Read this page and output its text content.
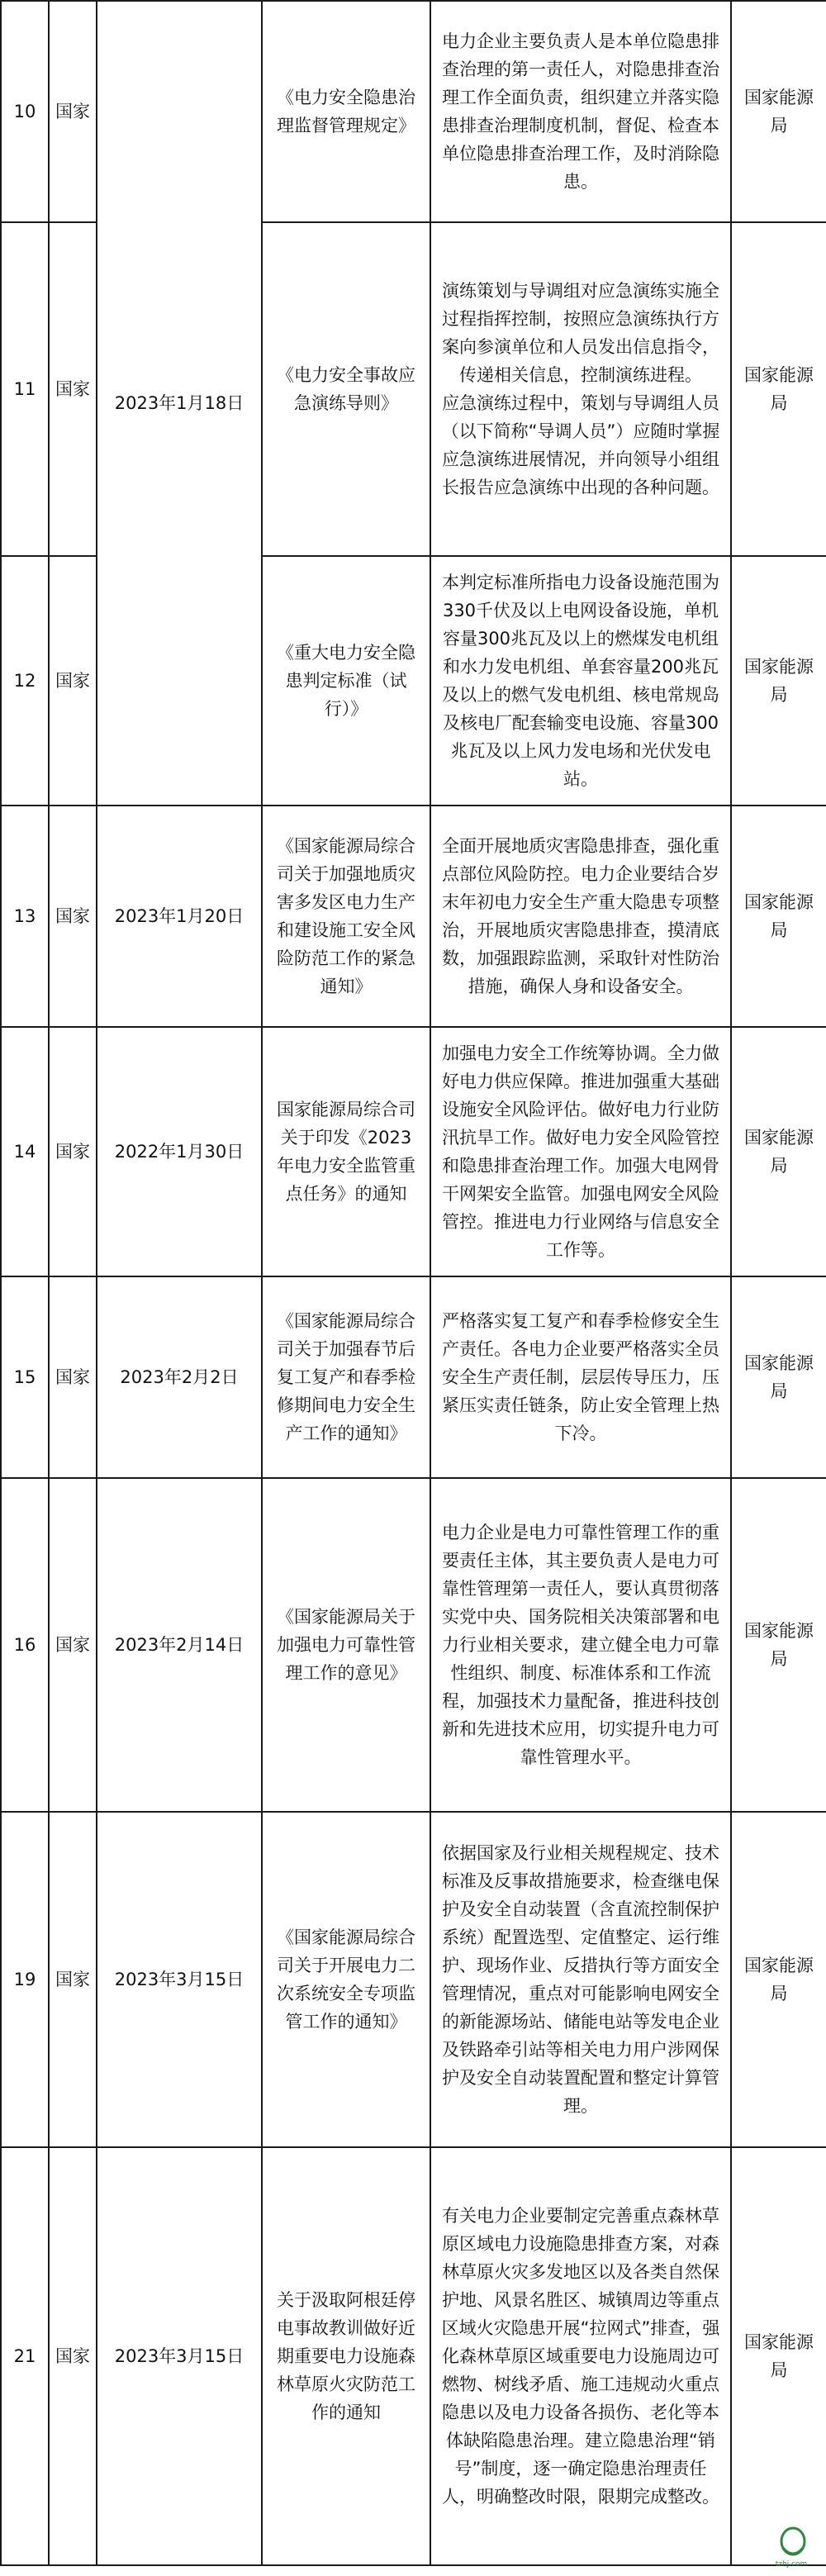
10	国家	2023年1月18日	《电力安全隐患治理监督管理规定》	电力企业主要负责人是本单位隐患排查治理的第一责任人，对隐患排查治理工作全面负责，组织建立并落实隐患排查治理制度机制，督促、检查本单位隐患排查治理工作，及时消除隐患。	国家能源局
11	国家		《电力安全事故应急演练导则》	演练策划与导调组对应急演练实施全过程指挥控制，按照应急演练执行方案向参演单位和人员发出信息指令，传递相关信息，控制演练进程。
应急演练过程中，策划与导调组人员（以下简称“导调人员”）应随时掌握应急演练进展情况，并向领导小组组长报告应急演练中出现的各种问题。	国家能源局
12	国家		《重大电力安全隐患判定标准（试行）》	本判定标准所指电力设备设施范围为330千伏及以上电网设备设施，单机容量300兆瓦及以上的燃煤发电机组和水力发电机组、单套容量200兆瓦及以上的燃气发电机组、核电常规岛及核电厂配套输变电设施、容量300兆瓦及以上风力发电场和光伏发电站。	国家能源局
13	国家	2023年1月20日	《国家能源局综合司关于加强地质灾害多发区电力生产和建设施工安全风险防范工作的紧急通知》	全面开展地质灾害隐患排查，强化重点部位风险防控。电力企业要结合岁末年初电力安全生产重大隐患专项整治，开展地质灾害隐患排查，摸清底数，加强跟踪监测，采取针对性防治措施，确保人身和设备安全。	国家能源局
14	国家	2022年1月30日	国家能源局综合司关于印发《2023年电力安全监管重点任务》的通知	加强电力安全工作统筹协调。全力做好电力供应保障。推进加强重大基础设施安全风险评估。做好电力行业防汛抗旱工作。做好电力安全风险管控和隐患排查治理工作。加强大电网骨干网架安全监管。加强电网安全风险管控。推进电力行业网络与信息安全工作等。	国家能源局
15	国家	2023年2月2日	《国家能源局综合司关于加强春节后复工复产和春季检修期间电力安全生产工作的通知》	严格落实复工复产和春季检修安全生产责任。各电力企业要严格落实全员安全生产责任制，层层传导压力，压紧压实责任链条，防止安全管理上热下冷。	国家能源局
16	国家	2023年2月14日	《国家能源局关于加强电力可靠性管理工作的意见》	电力企业是电力可靠性管理工作的重要责任主体，其主要负责人是电力可靠性管理第一责任人，要认真贯彻落实党中央、国务院相关决策部署和电力行业相关要求，建立健全电力可靠性组织、制度、标准体系和工作流程，加强技术力量配备，推进科技创新和先进技术应用，切实提升电力可靠性管理水平。	国家能源局
19	国家	2023年3月15日	《国家能源局综合司关于开展电力二次系统安全专项监管工作的通知》	依据国家及行业相关规程规定、技术标准及反事故措施要求，检查继电保护及安全自动装置（含直流控制保护系统）配置选型、定值整定、运行维护、现场作业、反措执行等方面安全管理情况，重点对可能影响电网安全的新能源场站、储能电站等发电企业及铁路牵引站等相关电力用户涉网保护及安全自动装置配置和整定计算管理。	国家能源局
21	国家	2023年3月15日	关于汲取阿根廷停电事故教训做好近期重要电力设施森林草原火灾防范工作的通知	有关电力企业要制定完善重点森林草原区域电力设施隐患排查方案，对森林草原火灾多发地区以及各类自然保护地、风景名胜区、城镇周边等重点区域火灾隐患开展“拉网式”排查，强化森林草原区域重要电力设施周边可燃物、树线矛盾、施工违规动火重点隐患以及电力设备各损伤、老化等本体缺陷隐患治理。建立隐患治理“销号”制度，逐一确定隐患治理责任人，明确整改时限，限期完成整改。	国家能源局
tzhj.com
